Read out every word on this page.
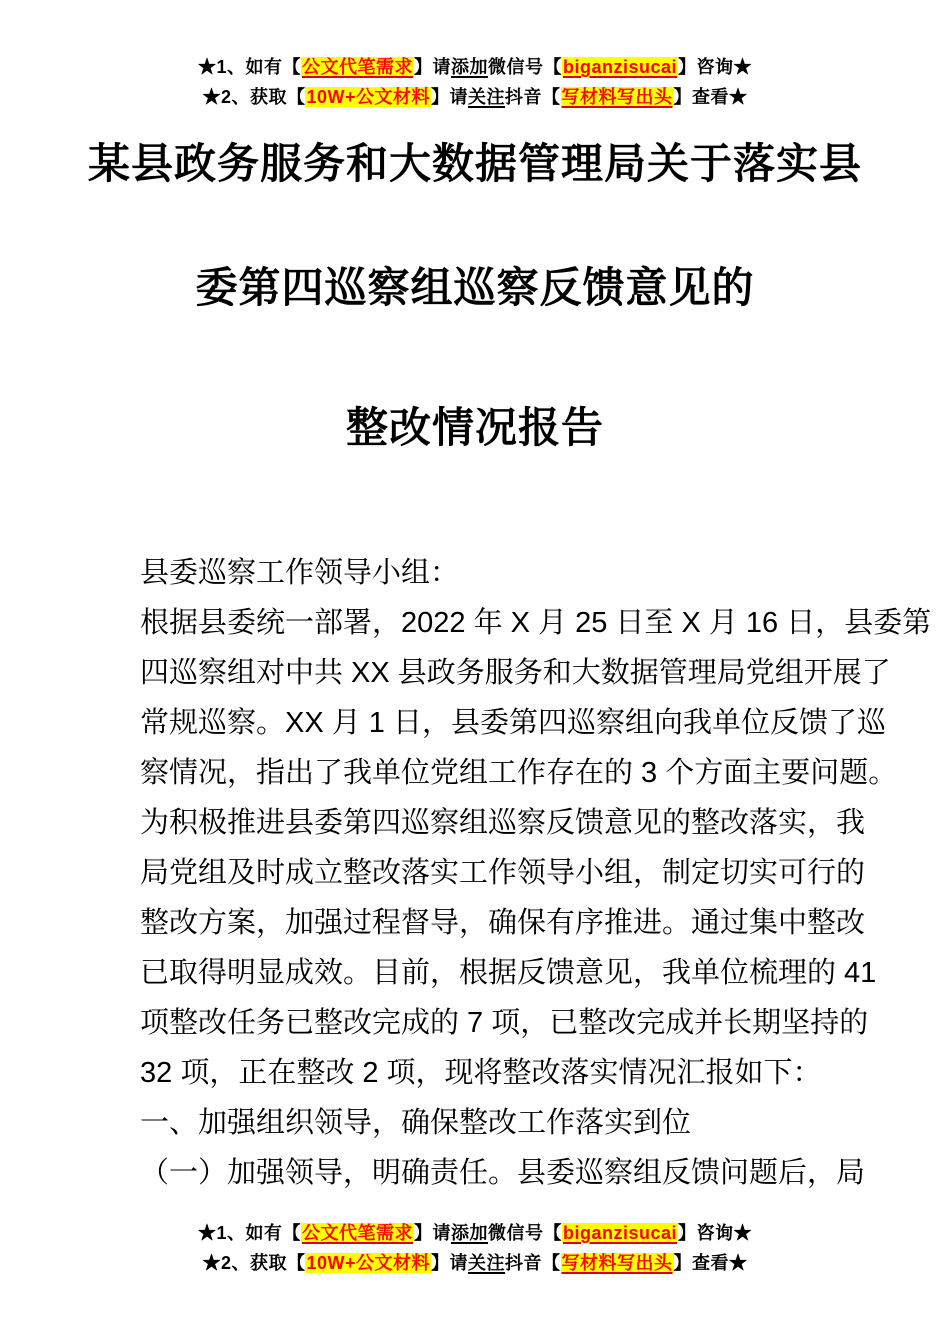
★1、如有【公文代笔需求】请添加微信号【biganzisucai】咨询★
★2、获取【10W+公文材料】请关注抖音【写材料写出头】查看★
某县政务服务和大数据管理局关于落实县
委第四巡察组巡察反馈意见的
整改情况报告
县委巡察工作领导小组：
根据县委统一部署，2022 年 X 月 25 日至 X 月 16 日，县委第
四巡察组对中共 XX 县政务服务和大数据管理局党组开展了
常规巡察。XX 月 1 日，县委第四巡察组向我单位反馈了巡
察情况，指出了我单位党组工作存在的 3 个方面主要问题。
为积极推进县委第四巡察组巡察反馈意见的整改落实，我
局党组及时成立整改落实工作领导小组，制定切实可行的
整改方案，加强过程督导，确保有序推进。通过集中整改
已取得明显成效。目前，根据反馈意见，我单位梳理的 41
项整改任务已整改完成的 7 项，已整改完成并长期坚持的
32 项，正在整改 2 项，现将整改落实情况汇报如下：
一、加强组织领导，确保整改工作落实到位
（一）加强领导，明确责任。县委巡察组反馈问题后，局
★1、如有【公文代笔需求】请添加微信号【biganzisucai】咨询★
★2、获取【10W+公文材料】请关注抖音【写材料写出头】查看★
